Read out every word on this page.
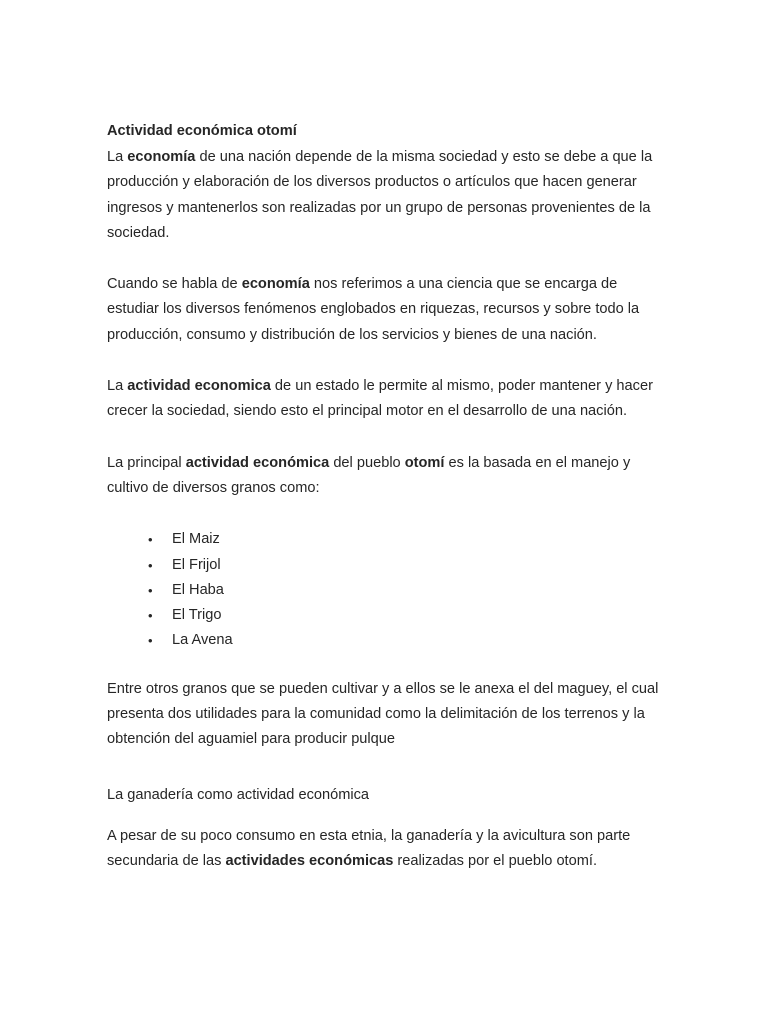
Actividad económica otomí

La economía de una nación depende de la misma sociedad y esto se debe a que la producción y elaboración de los diversos productos o artículos que hacen generar ingresos y mantenerlos son realizadas por un grupo de personas provenientes de la sociedad.

Cuando se habla de economía nos referimos a una ciencia que se encarga de estudiar los diversos fenómenos englobados en riquezas, recursos y sobre todo la producción, consumo y distribución de los servicios y bienes de una nación.

La actividad economica de un estado le permite al mismo, poder mantener y hacer crecer la sociedad, siendo esto el principal motor en el desarrollo de una nación.

La principal actividad económica del pueblo otomí es la basada en el manejo y cultivo de diversos granos como:

• El Maiz
• El Frijol
• El Haba
• El Trigo
• La Avena

Entre otros granos que se pueden cultivar y a ellos se le anexa el del maguey, el cual presenta dos utilidades para la comunidad como la delimitación de los terrenos y la obtención del aguamiel para producir pulque

La ganadería como actividad económica

A pesar de su poco consumo en esta etnia, la ganadería y la avicultura son parte secundaria de las actividades económicas realizadas por el pueblo otomí.
